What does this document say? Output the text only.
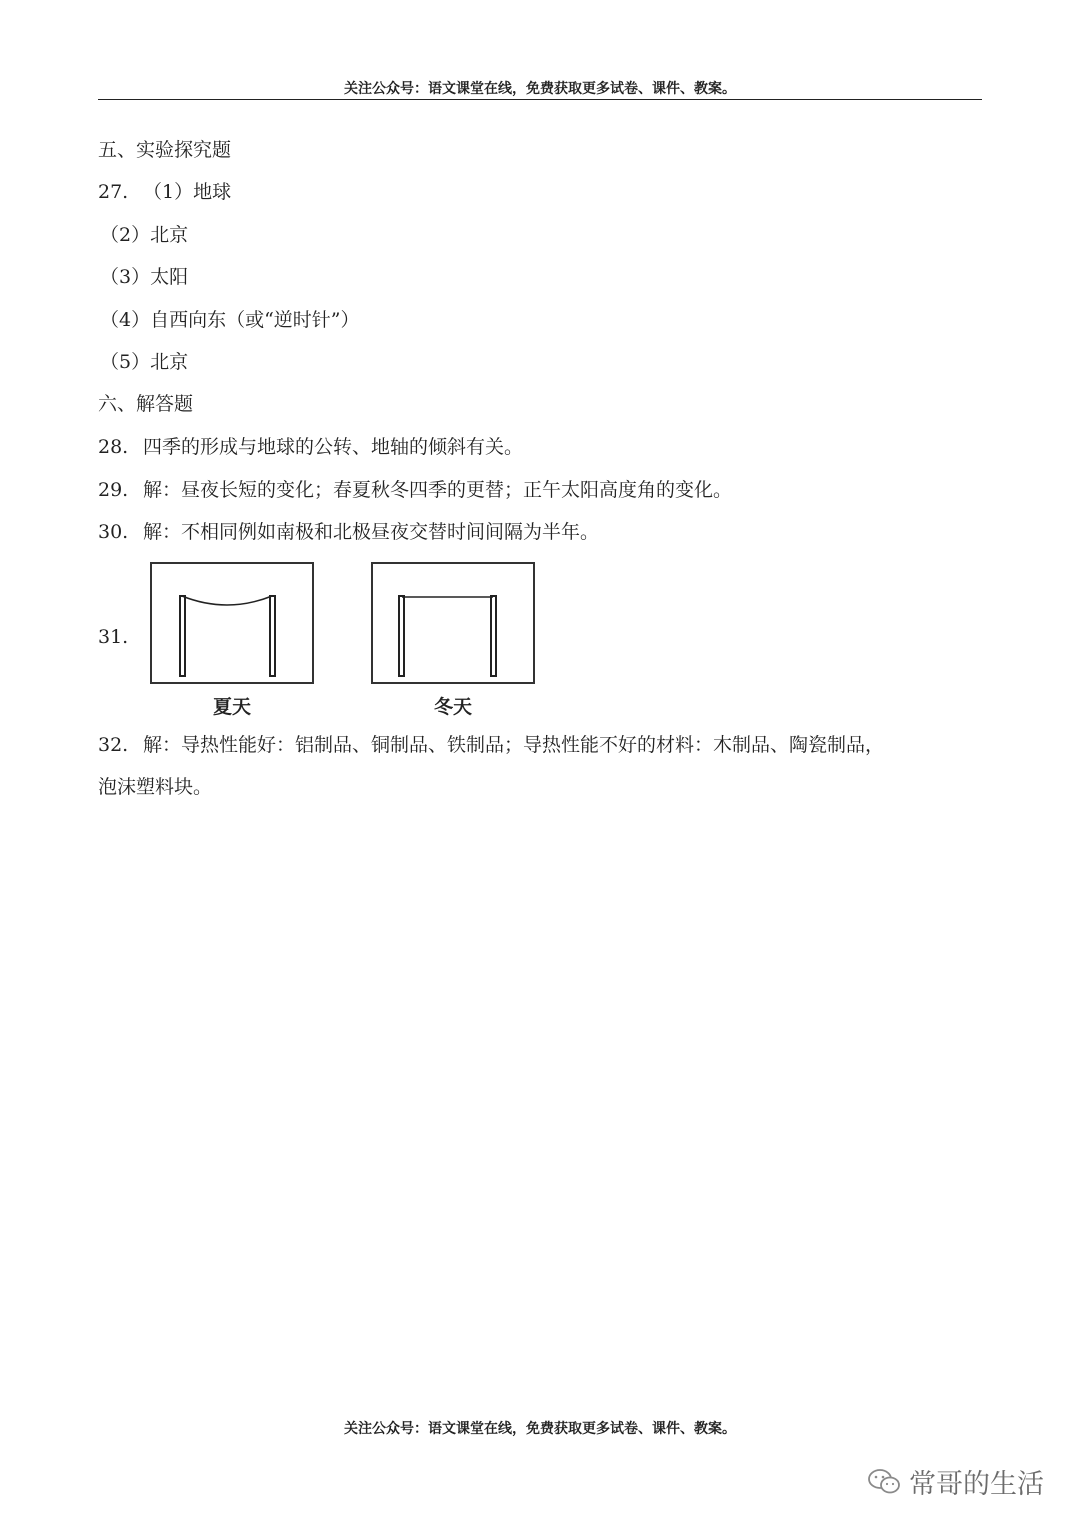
关注公众号：语文课堂在线，免费获取更多试卷、课件、教案。
五、实验探究题
27. （1）地球
（2）北京
（3）太阳
（4）自西向东（或“逆时针”）
（5）北京
六、解答题
28. 四季的形成与地球的公转、地轴的倾斜有关。
29. 解：昼夜长短的变化；春夏秋冬四季的更替；正午太阳高度角的变化。
30. 解：不相同例如南极和北极昼夜交替时间间隔为半年。
31.
夏天	冬天
32. 解：导热性能好：铝制品、铜制品、铁制品；导热性能不好的材料：木制品、陶瓷制品，
泡沫塑料块。
关注公众号：语文课堂在线，免费获取更多试卷、课件、教案。
常哥的生活
